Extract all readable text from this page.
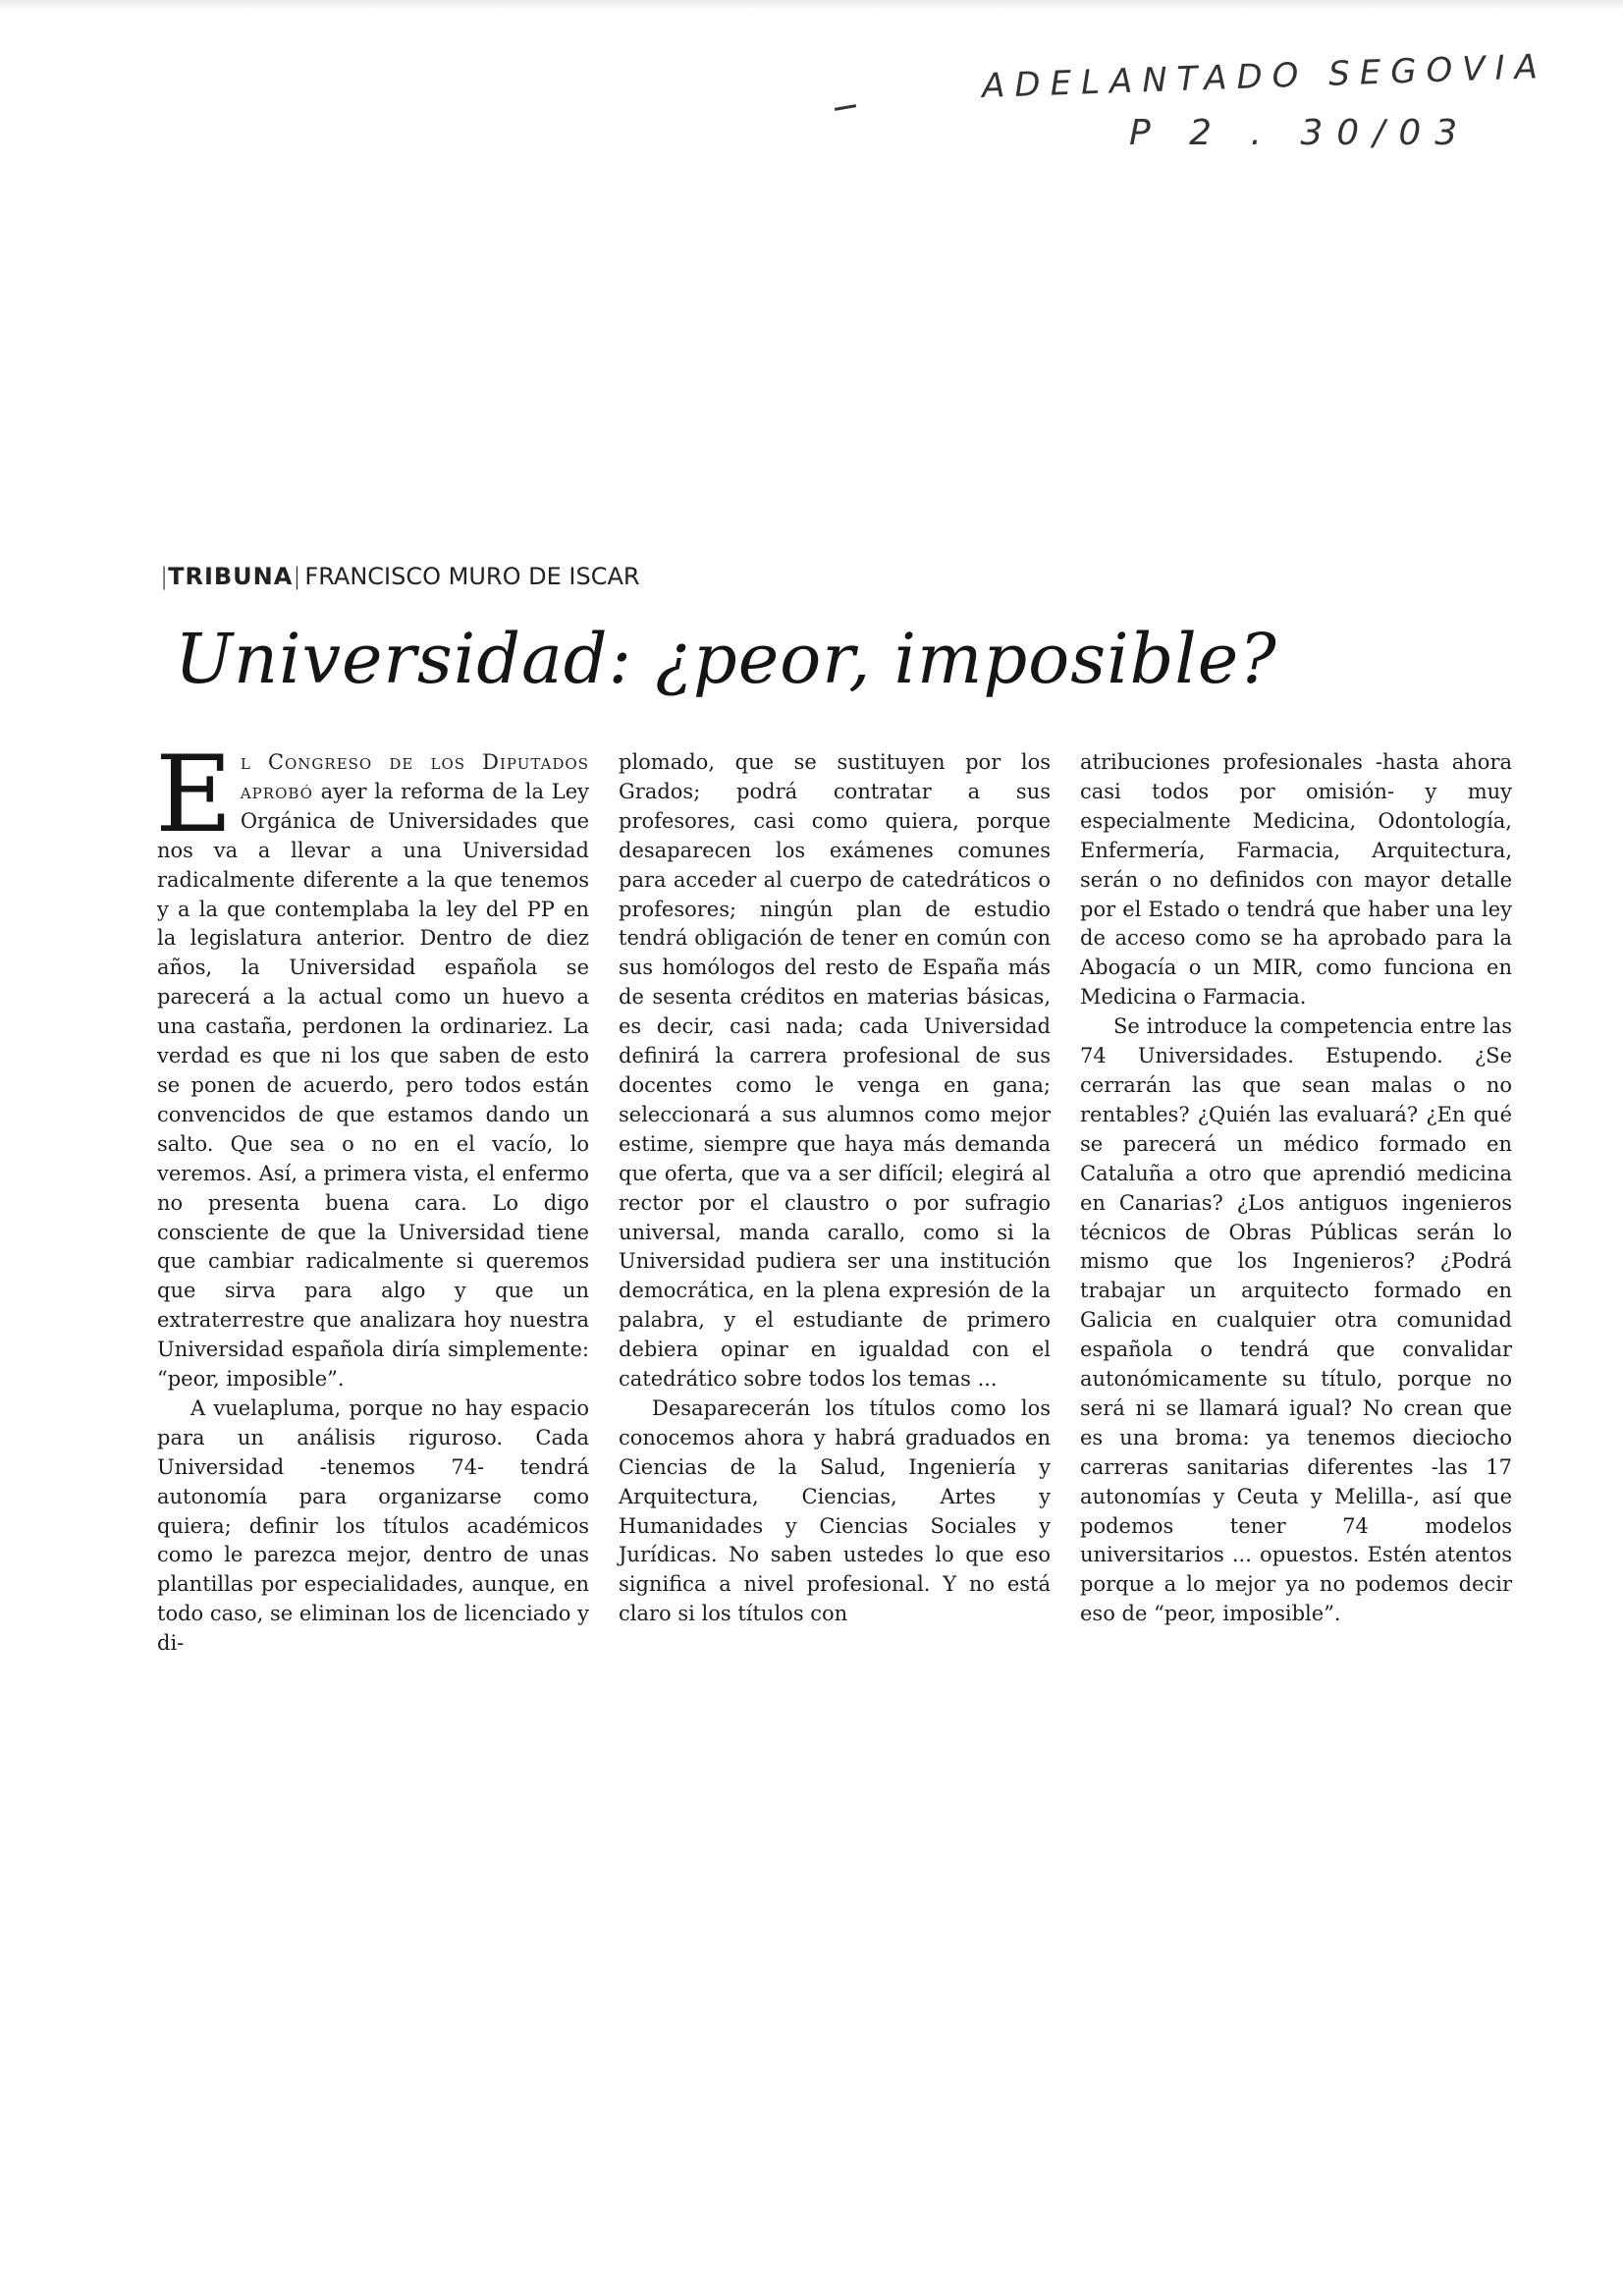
ADELANTADO SEGOVIA
P 2 . 30/03
|TRIBUNA| FRANCISCO MURO DE ISCAR
Universidad: ¿peor, imposible?

El Congreso de los Diputados aprobó ayer la reforma de la Ley Orgánica de Universidades que nos va a llevar a una Universidad radicalmente diferente a la que tenemos y a la que contemplaba la ley del PP en la legislatura anterior. Dentro de diez años, la Universidad española se parecerá a la actual como un huevo a una castaña, perdonen la ordinariez. La verdad es que ni los que saben de esto se ponen de acuerdo, pero todos están convencidos de que estamos dando un salto. Que sea o no en el vacío, lo veremos. Así, a primera vista, el enfermo no presenta buena cara. Lo digo consciente de que la Universidad tiene que cambiar radicalmente si queremos que sirva para algo y que un extraterrestre que analizara hoy nuestra Universidad española diría simplemente: “peor, imposible”.

A vuelapluma, porque no hay espacio para un análisis riguroso. Cada Universidad -tenemos 74- tendrá autonomía para organizarse como quiera; definir los títulos académicos como le parezca mejor, dentro de unas plantillas por especialidades, aunque, en todo caso, se eliminan los de licenciado y di-

plomado, que se sustituyen por los Grados; podrá contratar a sus profesores, casi como quiera, porque desaparecen los exámenes comunes para acceder al cuerpo de catedráticos o profesores; ningún plan de estudio tendrá obligación de tener en común con sus homólogos del resto de España más de sesenta créditos en materias básicas, es decir, casi nada; cada Universidad definirá la carrera profesional de sus docentes como le venga en gana; seleccionará a sus alumnos como mejor estime, siempre que haya más demanda que oferta, que va a ser difícil; elegirá al rector por el claustro o por sufragio universal, manda carallo, como si la Universidad pudiera ser una institución democrática, en la plena expresión de la palabra, y el estudiante de primero debiera opinar en igualdad con el catedrático sobre todos los temas ...

Desaparecerán los títulos como los conocemos ahora y habrá graduados en Ciencias de la Salud, Ingeniería y Arquitectura, Ciencias, Artes y Humanidades y Ciencias Sociales y Jurídicas. No saben ustedes lo que eso significa a nivel profesional. Y no está claro si los títulos con

atribuciones profesionales -hasta ahora casi todos por omisión- y muy especialmente Medicina, Odontología, Enfermería, Farmacia, Arquitectura, serán o no definidos con mayor detalle por el Estado o tendrá que haber una ley de acceso como se ha aprobado para la Abogacía o un MIR, como funciona en Medicina o Farmacia.

Se introduce la competencia entre las 74 Universidades. Estupendo. ¿Se cerrarán las que sean malas o no rentables? ¿Quién las evaluará? ¿En qué se parecerá un médico formado en Cataluña a otro que aprendió medicina en Canarias? ¿Los antiguos ingenieros técnicos de Obras Públicas serán lo mismo que los Ingenieros? ¿Podrá trabajar un arquitecto formado en Galicia en cualquier otra comunidad española o tendrá que convalidar autonómicamente su título, porque no será ni se llamará igual? No crean que es una broma: ya tenemos dieciocho carreras sanitarias diferentes -las 17 autonomías y Ceuta y Melilla-, así que podemos tener 74 modelos universitarios ... opuestos. Estén atentos porque a lo mejor ya no podemos decir eso de “peor, imposible”.
